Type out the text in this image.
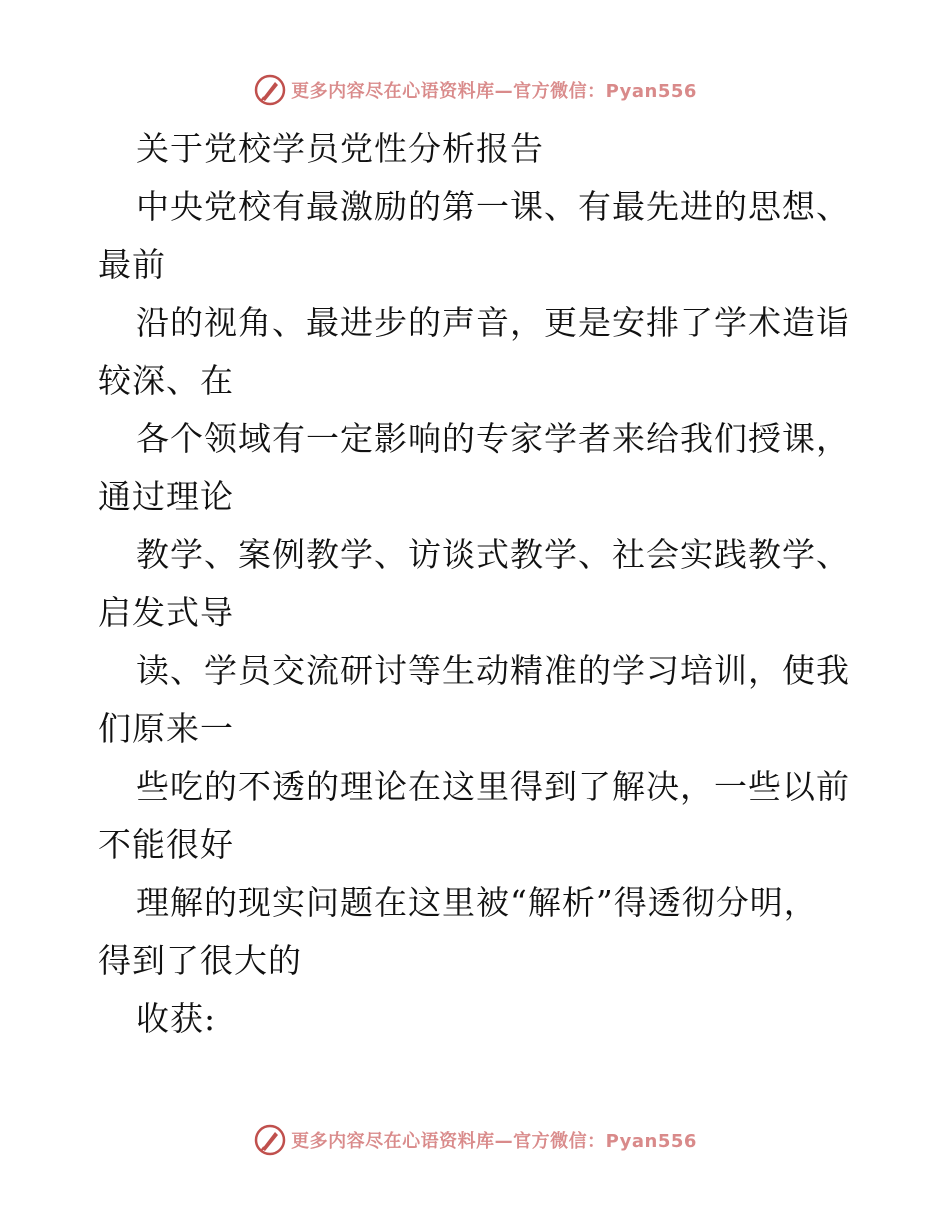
更多内容尽在心语资料库—官方微信：Pyan556
关于党校学员党性分析报告
中央党校有最激励的第一课、有最先进的思想、
最前
沿的视角、最进步的声音，更是安排了学术造诣
较深、在
各个领域有一定影响的专家学者来给我们授课，
通过理论
教学、案例教学、访谈式教学、社会实践教学、
启发式导
读、学员交流研讨等生动精准的学习培训，使我
们原来一
些吃的不透的理论在这里得到了解决，一些以前
不能很好
理解的现实问题在这里被“解析”得透彻分明，
得到了很大的
收获:
更多内容尽在心语资料库—官方微信：Pyan556
